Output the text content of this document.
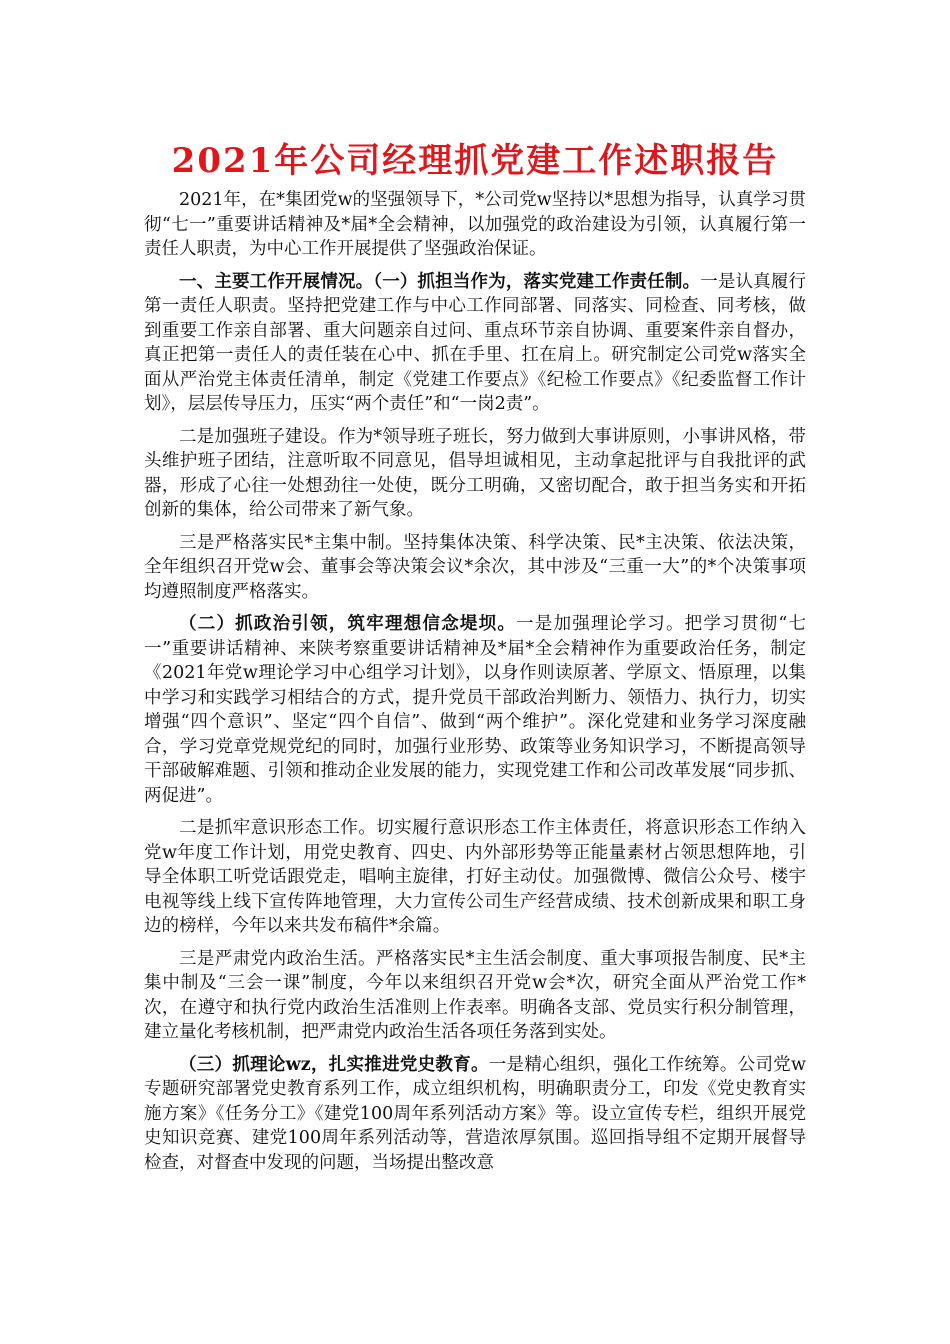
2021年公司经理抓党建工作述职报告

2021年，在*集团党w的坚强领导下，*公司党w坚持以*思想为指导，认真学习贯彻“七一”重要讲话精神及*届*全会精神，以加强党的政治建设为引领，认真履行第一责任人职责，为中心工作开展提供了坚强政治保证。

一、主要工作开展情况。（一）抓担当作为，落实党建工作责任制。一是认真履行第一责任人职责。坚持把党建工作与中心工作同部署、同落实、同检查、同考核，做到重要工作亲自部署、重大问题亲自过问、重点环节亲自协调、重要案件亲自督办，真正把第一责任人的责任装在心中、抓在手里、扛在肩上。研究制定公司党w落实全面从严治党主体责任清单，制定《党建工作要点》《纪检工作要点》《纪委监督工作计划》，层层传导压力，压实“两个责任”和“一岗2责”。

二是加强班子建设。作为*领导班子班长，努力做到大事讲原则，小事讲风格，带头维护班子团结，注意听取不同意见，倡导坦诚相见，主动拿起批评与自我批评的武器，形成了心往一处想劲往一处使，既分工明确，又密切配合，敢于担当务实和开拓创新的集体，给公司带来了新气象。

三是严格落实民*主集中制。坚持集体决策、科学决策、民*主决策、依法决策，全年组织召开党w会、董事会等决策会议*余次，其中涉及“三重一大”的*个决策事项均遵照制度严格落实。

（二）抓政治引领，筑牢理想信念堤坝。一是加强理论学习。把学习贯彻“七一”重要讲话精神、来陕考察重要讲话精神及*届*全会精神作为重要政治任务，制定《2021年党w理论学习中心组学习计划》，以身作则读原著、学原文、悟原理，以集中学习和实践学习相结合的方式，提升党员干部政治判断力、领悟力、执行力，切实增强“四个意识”、坚定“四个自信”、做到“两个维护”。深化党建和业务学习深度融合，学习党章党规党纪的同时，加强行业形势、政策等业务知识学习，不断提高领导干部破解难题、引领和推动企业发展的能力，实现党建工作和公司改革发展“同步抓、两促进”。

二是抓牢意识形态工作。切实履行意识形态工作主体责任，将意识形态工作纳入党w年度工作计划，用党史教育、四史、内外部形势等正能量素材占领思想阵地，引导全体职工听党话跟党走，唱响主旋律，打好主动仗。加强微博、微信公众号、楼宇电视等线上线下宣传阵地管理，大力宣传公司生产经营成绩、技术创新成果和职工身边的榜样，今年以来共发布稿件*余篇。

三是严肃党内政治生活。严格落实民*主生活会制度、重大事项报告制度、民*主集中制及“三会一课”制度，今年以来组织召开党w会*次，研究全面从严治党工作*次，在遵守和执行党内政治生活准则上作表率。明确各支部、党员实行积分制管理，建立量化考核机制，把严肃党内政治生活各项任务落到实处。

（三）抓理论wz，扎实推进党史教育。一是精心组织，强化工作统筹。公司党w专题研究部署党史教育系列工作，成立组织机构，明确职责分工，印发《党史教育实施方案》《任务分工》《建党100周年系列活动方案》等。设立宣传专栏，组织开展党史知识竞赛、建党100周年系列活动等，营造浓厚氛围。巡回指导组不定期开展督导检查，对督查中发现的问题，当场提出整改意
